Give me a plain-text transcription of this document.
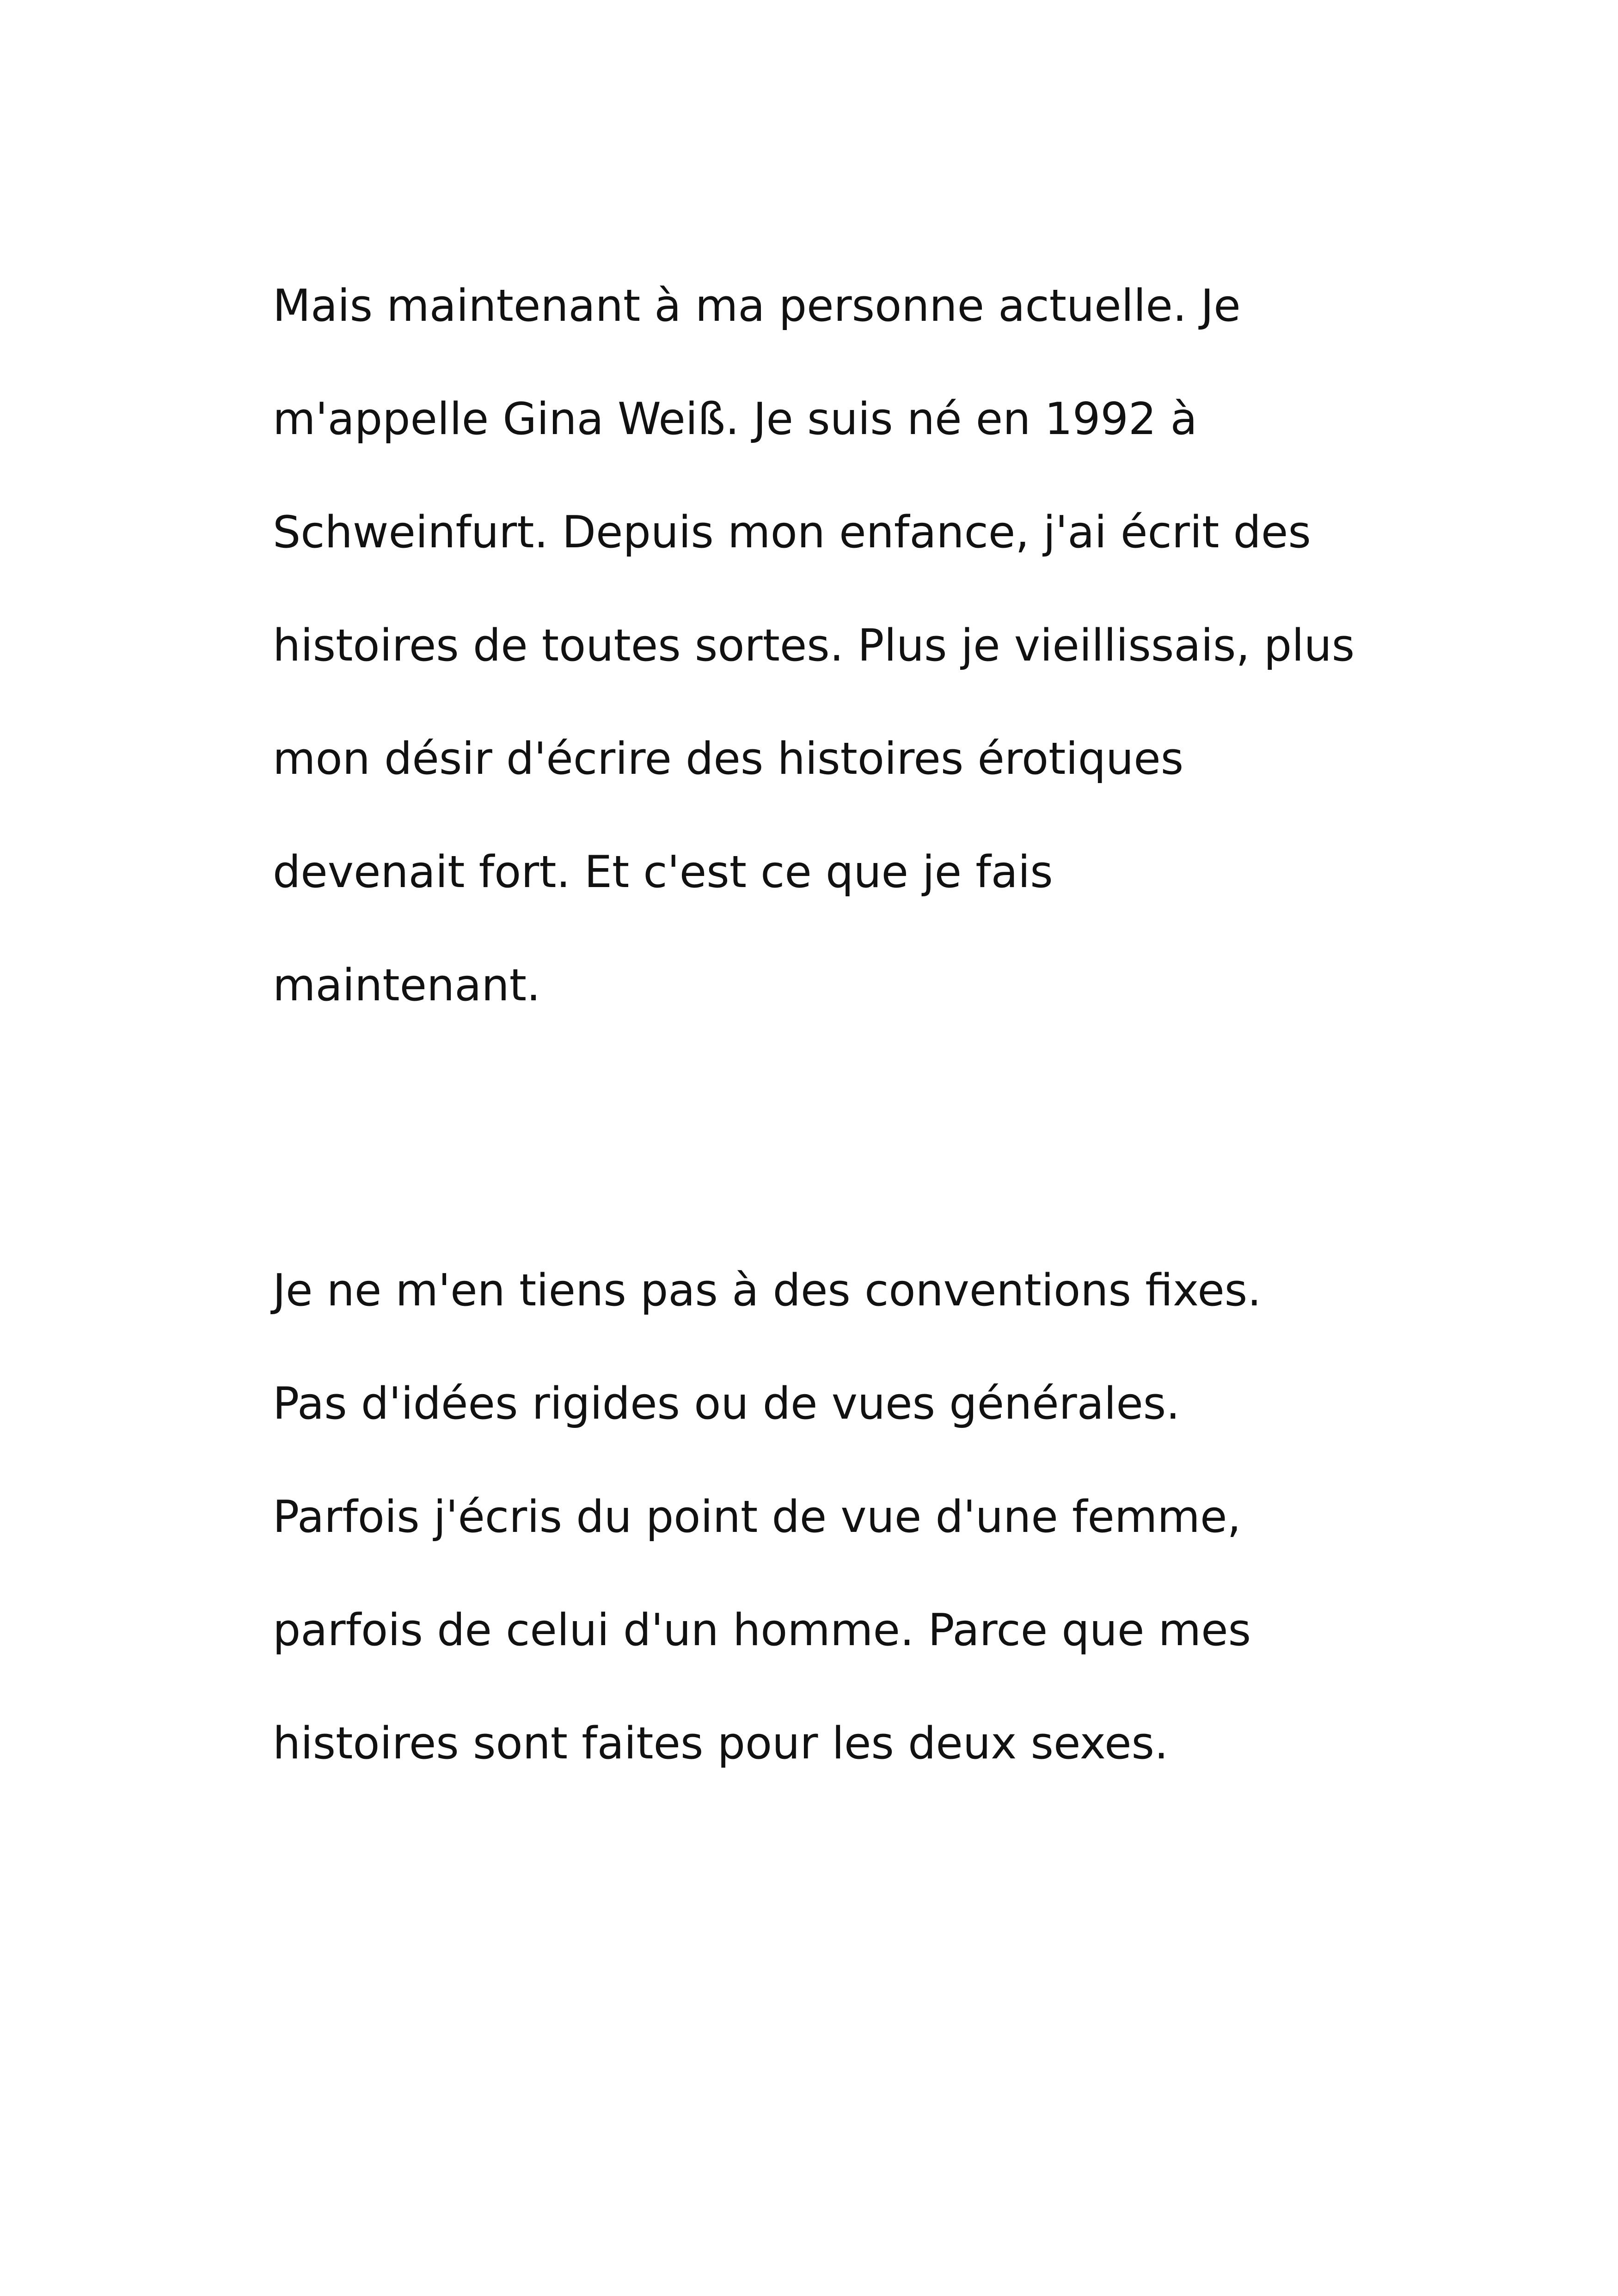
Mais maintenant à ma personne actuelle. Je
m'appelle Gina Weiß. Je suis né en 1992 à
Schweinfurt. Depuis mon enfance, j'ai écrit des
histoires de toutes sortes. Plus je vieillissais, plus
mon désir d'écrire des histoires érotiques
devenait fort. Et c'est ce que je fais
maintenant.
Je ne m'en tiens pas à des conventions fixes.
Pas d'idées rigides ou de vues générales.
Parfois j'écris du point de vue d'une femme,
parfois de celui d'un homme. Parce que mes
histoires sont faites pour les deux sexes.
